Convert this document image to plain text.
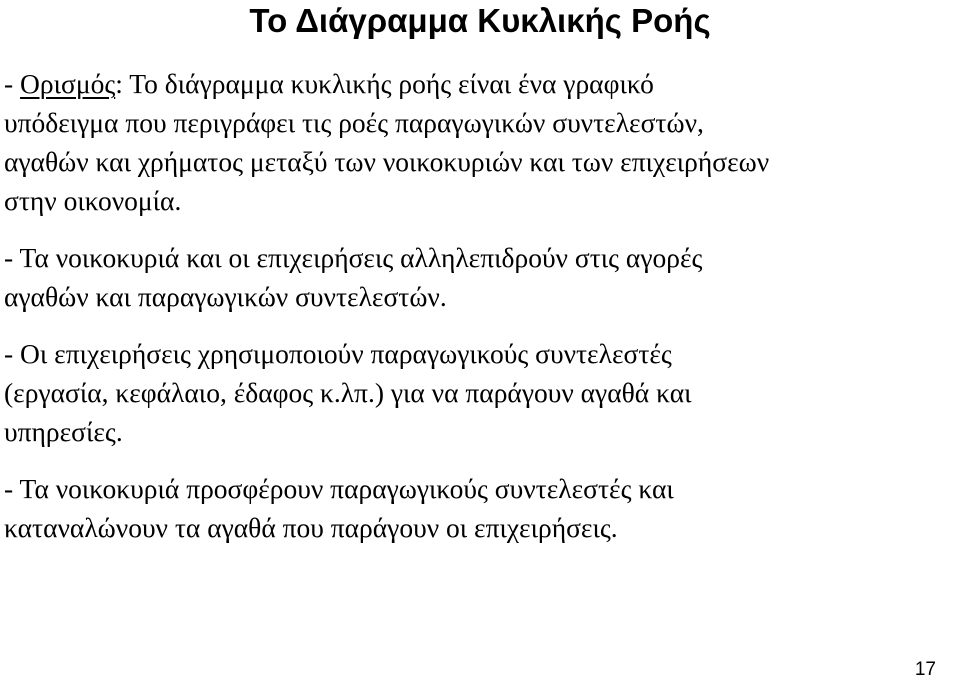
Το Διάγραμμα Κυκλικής Ροής

- Ορισμός: Το διάγραμμα κυκλικής ροής είναι ένα γραφικό
υπόδειγμα που περιγράφει τις ροές παραγωγικών συντελεστών,
αγαθών και χρήματος μεταξύ των νοικοκυριών και των επιχειρήσεων
στην οικονομία.

- Τα νοικοκυριά και οι επιχειρήσεις αλληλεπιδρούν στις αγορές
αγαθών και παραγωγικών συντελεστών.

- Οι επιχειρήσεις χρησιμοποιούν παραγωγικούς συντελεστές
(εργασία, κεφάλαιο, έδαφος κ.λπ.) για να παράγουν αγαθά και
υπηρεσίες.

- Τα νοικοκυριά προσφέρουν παραγωγικούς συντελεστές και
καταναλώνουν τα αγαθά που παράγουν οι επιχειρήσεις.

17
